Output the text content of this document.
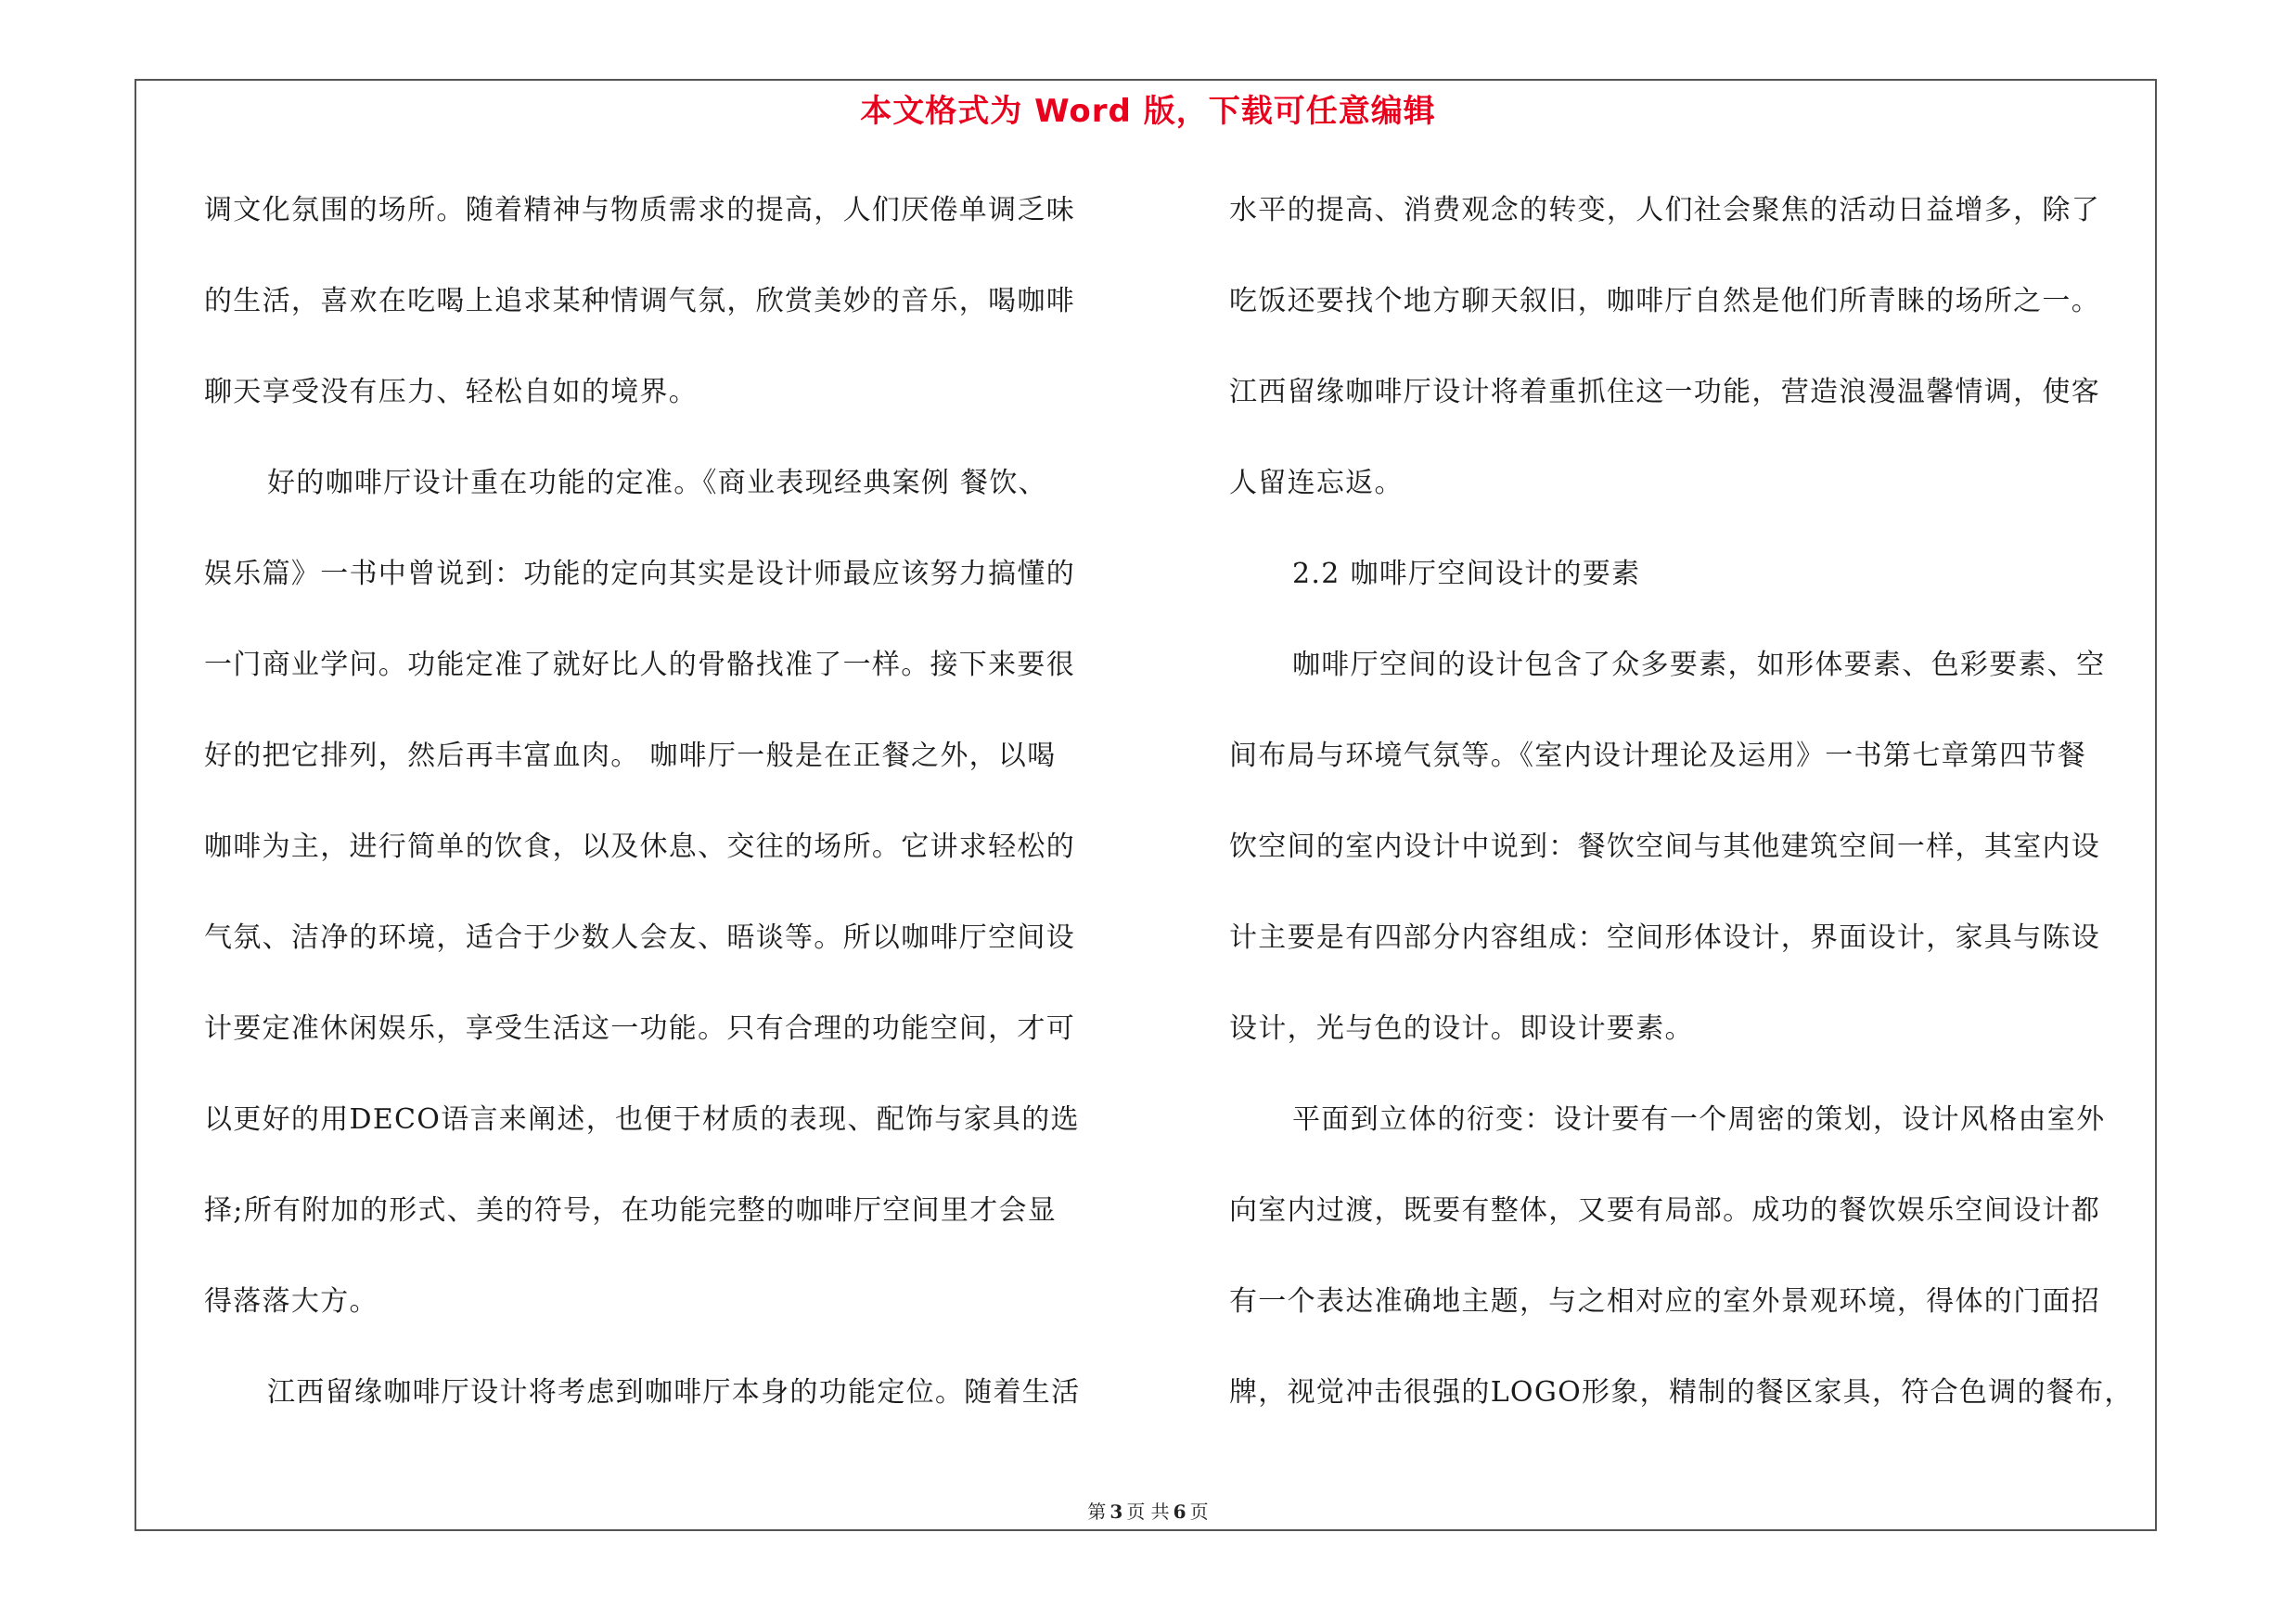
本文格式为 Word 版，下载可任意编辑
调文化氛围的场所。随着精神与物质需求的提高，人们厌倦单调乏味
的生活，喜欢在吃喝上追求某种情调气氛，欣赏美妙的音乐，喝咖啡
聊天享受没有压力、轻松自如的境界。
好的咖啡厅设计重在功能的定准。《商业表现经典案例 餐饮、
娱乐篇》一书中曾说到：功能的定向其实是设计师最应该努力搞懂的
一门商业学问。功能定准了就好比人的骨骼找准了一样。接下来要很
好的把它排列，然后再丰富血肉。 咖啡厅一般是在正餐之外，以喝
咖啡为主，进行简单的饮食，以及休息、交往的场所。它讲求轻松的
气氛、洁净的环境，适合于少数人会友、晤谈等。所以咖啡厅空间设
计要定准休闲娱乐，享受生活这一功能。只有合理的功能空间，才可
以更好的用DECO语言来阐述，也便于材质的表现、配饰与家具的选
择;所有附加的形式、美的符号，在功能完整的咖啡厅空间里才会显
得落落大方。
江西留缘咖啡厅设计将考虑到咖啡厅本身的功能定位。随着生活
水平的提高、消费观念的转变，人们社会聚焦的活动日益增多，除了
吃饭还要找个地方聊天叙旧，咖啡厅自然是他们所青睐的场所之一。
江西留缘咖啡厅设计将着重抓住这一功能，营造浪漫温馨情调，使客
人留连忘返。
2.2 咖啡厅空间设计的要素
咖啡厅空间的设计包含了众多要素，如形体要素、色彩要素、空
间布局与环境气氛等。《室内设计理论及运用》一书第七章第四节餐
饮空间的室内设计中说到：餐饮空间与其他建筑空间一样，其室内设
计主要是有四部分内容组成：空间形体设计，界面设计，家具与陈设
设计，光与色的设计。即设计要素。
平面到立体的衍变：设计要有一个周密的策划，设计风格由室外
向室内过渡，既要有整体，又要有局部。成功的餐饮娱乐空间设计都
有一个表达准确地主题，与之相对应的室外景观环境，得体的门面招
牌，视觉冲击很强的LOGO形象，精制的餐区家具，符合色调的餐布，
第 3 页 共 6 页
